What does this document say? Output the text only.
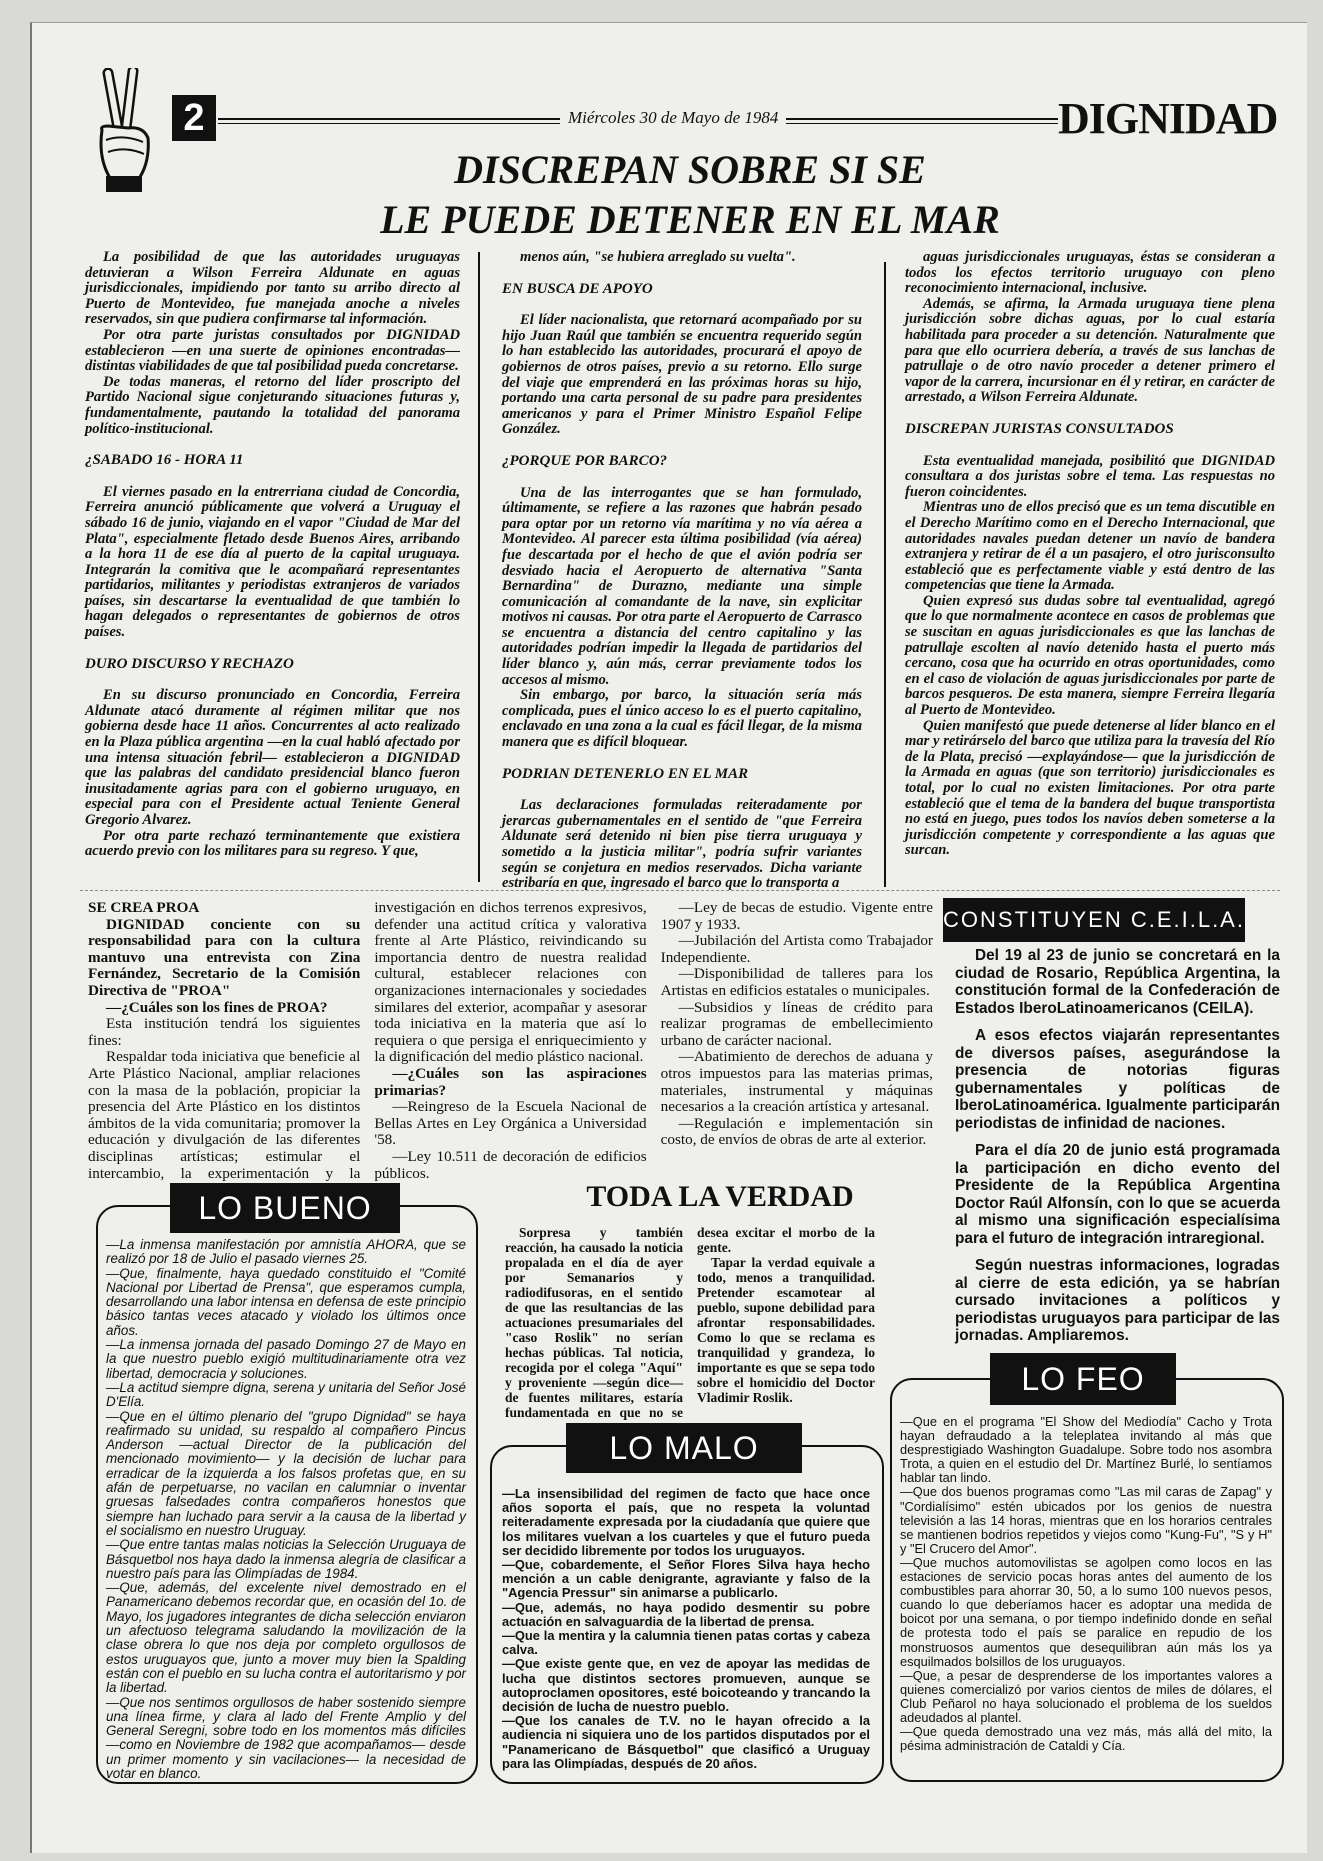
2	Miércoles 30 de Mayo de 1984	DIGNIDAD
DISCREPAN SOBRE SI SE
LE PUEDE DETENER EN EL MAR

La posibilidad de que las autoridades uruguayas detuvieran a Wilson Ferreira Aldunate en aguas jurisdiccionales, impidiendo por tanto su arribo directo al Puerto de Montevideo, fue manejada anoche a niveles reservados, sin que pudiera confirmarse tal información.

Por otra parte juristas consultados por DIGNIDAD establecieron —en una suerte de opiniones encontradas— distintas viabilidades de que tal posibilidad pueda concretarse.

De todas maneras, el retorno del líder proscripto del Partido Nacional sigue conjeturando situaciones futuras y, fundamentalmente, pautando la totalidad del panorama político-institucional.

¿SABADO 16 - HORA 11

El viernes pasado en la entrerriana ciudad de Concordia, Ferreira anunció públicamente que volverá a Uruguay el sábado 16 de junio, viajando en el vapor "Ciudad de Mar del Plata", especialmente fletado desde Buenos Aires, arribando a la hora 11 de ese día al puerto de la capital uruguaya. Integrarán la comitiva que le acompañará representantes partidarios, militantes y periodistas extranjeros de variados países, sin descartarse la eventualidad de que también lo hagan delegados o representantes de gobiernos de otros países.

DURO DISCURSO Y RECHAZO

En su discurso pronunciado en Concordia, Ferreira Aldunate atacó duramente al régimen militar que nos gobierna desde hace 11 años. Concurrentes al acto realizado en la Plaza pública argentina —en la cual habló afectado por una intensa situación febril— establecieron a DIGNIDAD que las palabras del candidato presidencial blanco fueron inusitadamente agrias para con el gobierno uruguayo, en especial para con el Presidente actual Teniente General Gregorio Alvarez.

Por otra parte rechazó terminantemente que existiera acuerdo previo con los militares para su regreso. Y que,

menos aún, "se hubiera arreglado su vuelta".

EN BUSCA DE APOYO

El líder nacionalista, que retornará acompañado por su hijo Juan Raúl que también se encuentra requerido según lo han establecido las autoridades, procurará el apoyo de gobiernos de otros países, previo a su retorno. Ello surge del viaje que emprenderá en las próximas horas su hijo, portando una carta personal de su padre para presidentes americanos y para el Primer Ministro Español Felipe González.

¿PORQUE POR BARCO?

Una de las interrogantes que se han formulado, últimamente, se refiere a las razones que habrán pesado para optar por un retorno vía marítima y no vía aérea a Montevideo. Al parecer esta última posibilidad (vía aérea) fue descartada por el hecho de que el avión podría ser desviado hacia el Aeropuerto de alternativa "Santa Bernardina" de Durazno, mediante una simple comunicación al comandante de la nave, sin explicitar motivos ni causas. Por otra parte el Aeropuerto de Carrasco se encuentra a distancia del centro capitalino y las autoridades podrían impedir la llegada de partidarios del líder blanco y, aún más, cerrar previamente todos los accesos al mismo.

Sin embargo, por barco, la situación sería más complicada, pues el único acceso lo es el puerto capitalino, enclavado en una zona a la cual es fácil llegar, de la misma manera que es difícil bloquear.

PODRIAN DETENERLO EN EL MAR

Las declaraciones formuladas reiteradamente por jerarcas gubernamentales en el sentido de "que Ferreira Aldunate será detenido ni bien pise tierra uruguaya y sometido a la justicia militar", podría sufrir variantes según se conjetura en medios reservados. Dicha variante estribaría en que, ingresado el barco que lo transporta a

aguas jurisdiccionales uruguayas, éstas se consideran a todos los efectos territorio uruguayo con pleno reconocimiento internacional, inclusive.

Además, se afirma, la Armada uruguaya tiene plena jurisdicción sobre dichas aguas, por lo cual estaría habilitada para proceder a su detención. Naturalmente que para que ello ocurriera debería, a través de sus lanchas de patrullaje o de otro navío proceder a detener primero el vapor de la carrera, incursionar en él y retirar, en carácter de arrestado, a Wilson Ferreira Aldunate.

DISCREPAN JURISTAS CONSULTADOS

Esta eventualidad manejada, posibilitó que DIGNIDAD consultara a dos juristas sobre el tema. Las respuestas no fueron coincidentes.

Mientras uno de ellos precisó que es un tema discutible en el Derecho Marítimo como en el Derecho Internacional, que autoridades navales puedan detener un navío de bandera extranjera y retirar de él a un pasajero, el otro jurisconsulto estableció que es perfectamente viable y está dentro de las competencias que tiene la Armada.

Quien expresó sus dudas sobre tal eventualidad, agregó que lo que normalmente acontece en casos de problemas que se suscitan en aguas jurisdiccionales es que las lanchas de patrullaje escolten al navío detenido hasta el puerto más cercano, cosa que ha ocurrido en otras oportunidades, como en el caso de violación de aguas jurisdiccionales por parte de barcos pesqueros. De esta manera, siempre Ferreira llegaría al Puerto de Montevideo.

Quien manifestó que puede detenerse al líder blanco en el mar y retirárselo del barco que utiliza para la travesía del Río de la Plata, precisó —explayándose— que la jurisdicción de la Armada en aguas (que son territorio) jurisdiccionales es total, por lo cual no existen limitaciones. Por otra parte estableció que el tema de la bandera del buque transportista no está en juego, pues todos los navíos deben someterse a la jurisdicción competente y correspondiente a las aguas que surcan.

SE CREA PROA

DIGNIDAD conciente con su responsabilidad para con la cultura mantuvo una entrevista con Zina Fernández, Secretario de la Comisión Directiva de "PROA"

—¿Cuáles son los fines de PROA?

Esta institución tendrá los siguientes fines:

Respaldar toda iniciativa que beneficie al Arte Plástico Nacional, ampliar relaciones con la masa de la población, propiciar la presencia del Arte Plástico en los distintos ámbitos de la vida comunitaria; promover la educación y divulgación de las diferentes disciplinas artísticas; estimular el intercambio, la experimentación y la investigación en dichos terrenos expresivos, defender una actitud crítica y valorativa frente al Arte Plástico, reivindicando su importancia dentro de nuestra realidad cultural, establecer relaciones con organizaciones internacionales y sociedades similares del exterior, acompañar y asesorar toda iniciativa en la materia que así lo requiera o que persiga el enriquecimiento y la dignificación del medio plástico nacional.

—¿Cuáles son las aspiraciones primarias?

—Reingreso de la Escuela Nacional de Bellas Artes en Ley Orgánica a Universidad '58.

—Ley 10.511 de decoración de edificios públicos.

—Ley de becas de estudio. Vigente entre 1907 y 1933.

—Jubilación del Artista como Trabajador Independiente.

—Disponibilidad de talleres para los Artistas en edificios estatales o municipales.

—Subsidios y líneas de crédito para realizar programas de embellecimiento urbano de carácter nacional.

—Abatimiento de derechos de aduana y otros impuestos para las materias primas, materiales, instrumental y máquinas necesarios a la creación artística y artesanal.

—Regulación e implementación sin costo, de envíos de obras de arte al exterior.

CONSTITUYEN C.E.I.L.A.

Del 19 al 23 de junio se concretará en la ciudad de Rosario, República Argentina, la constitución formal de la Confederación de Estados IberoLatinoamericanos (CEILA).

A esos efectos viajarán representantes de diversos países, asegurándose la presencia de notorias figuras gubernamentales y políticas de IberoLatinoamérica. Igualmente participarán periodistas de infinidad de naciones.

Para el día 20 de junio está programada la participación en dicho evento del Presidente de la República Argentina Doctor Raúl Alfonsín, con lo que se acuerda al mismo una significación especialísima para el futuro de integración intraregional.

Según nuestras informaciones, logradas al cierre de esta edición, ya se habrían cursado invitaciones a políticos y periodistas uruguayos para participar de las jornadas. Ampliaremos.

LO BUENO

—La inmensa manifestación por amnistía AHORA, que se realizó por 18 de Julio el pasado viernes 25.

—Que, finalmente, haya quedado constituido el "Comité Nacional por Libertad de Prensa", que esperamos cumpla, desarrollando una labor intensa en defensa de este principio básico tantas veces atacado y violado los últimos once años.

—La inmensa jornada del pasado Domingo 27 de Mayo en la que nuestro pueblo exigió multitudinariamente otra vez libertad, democracia y soluciones.

—La actitud siempre digna, serena y unitaria del Señor José D'Elía.

—Que en el último plenario del "grupo Dignidad" se haya reafirmado su unidad, su respaldo al compañero Pincus Anderson —actual Director de la publicación del mencionado movimiento— y la decisión de luchar para erradicar de la izquierda a los falsos profetas que, en su afán de perpetuarse, no vacilan en calumniar o inventar gruesas falsedades contra compañeros honestos que siempre han luchado para servir a la causa de la libertad y el socialismo en nuestro Uruguay.

—Que entre tantas malas noticias la Selección Uruguaya de Básquetbol nos haya dado la inmensa alegría de clasificar a nuestro país para las Olimpíadas de 1984.

—Que, además, del excelente nivel demostrado en el Panamericano debemos recordar que, en ocasión del 1o. de Mayo, los jugadores integrantes de dicha selección enviaron un afectuoso telegrama saludando la movilización de la clase obrera lo que nos deja por completo orgullosos de estos uruguayos que, junto a mover muy bien la Spalding están con el pueblo en su lucha contra el autoritarismo y por la libertad.

—Que nos sentimos orgullosos de haber sostenido siempre una línea firme, y clara al lado del Frente Amplio y del General Seregni, sobre todo en los momentos más difíciles —como en Noviembre de 1982 que acompañamos— desde un primer momento y sin vacilaciones— la necesidad de votar en blanco.

TODA LA VERDAD

Sorpresa y también reacción, ha causado la noticia propalada en el día de ayer por Semanarios y radiodifusoras, en el sentido de que las resultancias de las actuaciones presumariales del "caso Roslik" no serían hechas públicas. Tal noticia, recogida por el colega "Aquí" y proveniente —según dice— de fuentes militares, estaría fundamentada en que no se desea excitar el morbo de la gente.

Tapar la verdad equivale a todo, menos a tranquilidad. Pretender escamotear al pueblo, supone debilidad para afrontar responsabilidades. Como lo que se reclama es tranquilidad y grandeza, lo importante es que se sepa todo sobre el homicidio del Doctor Vladimir Roslik.

LO MALO

—La insensibilidad del regimen de facto que hace once años soporta el país, que no respeta la voluntad reiteradamente expresada por la ciudadanía que quiere que los militares vuelvan a los cuarteles y que el futuro pueda ser decidido libremente por todos los uruguayos.

—Que, cobardemente, el Señor Flores Silva haya hecho mención a un cable denigrante, agraviante y falso de la "Agencia Pressur" sin animarse a publicarlo.

—Que, además, no haya podido desmentir su pobre actuación en salvaguardia de la libertad de prensa.

—Que la mentira y la calumnia tienen patas cortas y cabeza calva.

—Que existe gente que, en vez de apoyar las medidas de lucha que distintos sectores promueven, aunque se autoproclamen opositores, esté boicoteando y trancando la decisión de lucha de nuestro pueblo.

—Que los canales de T.V. no le hayan ofrecido a la audiencia ni siquiera uno de los partidos disputados por el "Panamericano de Básquetbol" que clasificó a Uruguay para las Olimpíadas, después de 20 años.

LO FEO

—Que en el programa "El Show del Mediodía" Cacho y Trota hayan defraudado a la teleplatea invitando al más que desprestigiado Washington Guadalupe. Sobre todo nos asombra Trota, a quien en el estudio del Dr. Martínez Burlé, lo sentíamos hablar tan lindo.

—Que dos buenos programas como "Las mil caras de Zapag" y "Cordialísimo" estén ubicados por los genios de nuestra televisión a las 14 horas, mientras que en los horarios centrales se mantienen bodrios repetidos y viejos como "Kung-Fu", "S y H" y "El Crucero del Amor".

—Que muchos automovilistas se agolpen como locos en las estaciones de servicio pocas horas antes del aumento de los combustibles para ahorrar 30, 50, a lo sumo 100 nuevos pesos, cuando lo que deberíamos hacer es adoptar una medida de boicot por una semana, o por tiempo indefinido donde en señal de protesta todo el país se paralice en repudio de los monstruosos aumentos que desequilibran aún más los ya esquilmados bolsillos de los uruguayos.

—Que, a pesar de desprenderse de los importantes valores a quienes comercializó por varios cientos de miles de dólares, el Club Peñarol no haya solucionado el problema de los sueldos adeudados al plantel.

—Que queda demostrado una vez más, más allá del mito, la pésima administración de Cataldi y Cía.
